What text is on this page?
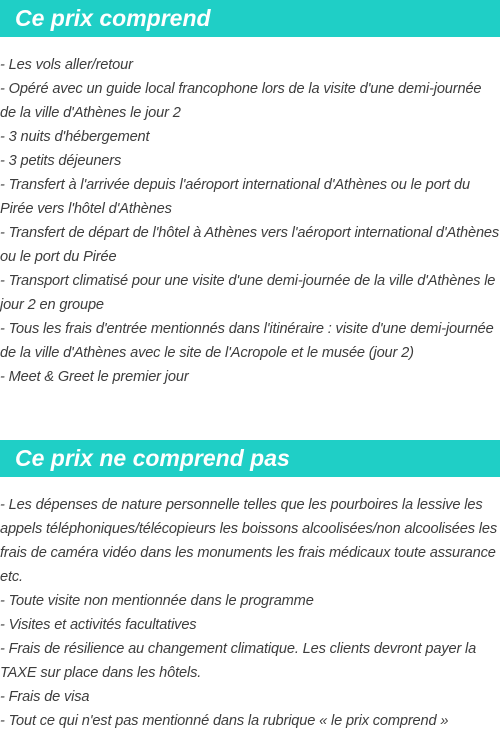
Ce prix comprend
- Les vols aller/retour
- Opéré avec un guide local francophone lors de la visite d'une demi-journée de la ville d'Athènes le jour 2
- 3 nuits d'hébergement
- 3 petits déjeuners
- Transfert à l'arrivée depuis l'aéroport international d'Athènes ou le port du Pirée vers l'hôtel d'Athènes
- Transfert de départ de l'hôtel à Athènes vers l'aéroport international d'Athènes ou le port du Pirée
- Transport climatisé pour une visite d'une demi-journée de la ville d'Athènes le jour 2 en groupe
- Tous les frais d'entrée mentionnés dans l'itinéraire : visite d'une demi-journée de la ville d'Athènes avec le site de l'Acropole et le musée (jour 2)
- Meet & Greet le premier jour
Ce prix ne comprend pas
- Les dépenses de nature personnelle telles que les pourboires la lessive les appels téléphoniques/télécopieurs les boissons alcoolisées/non alcoolisées les frais de caméra vidéo dans les monuments les frais médicaux toute assurance etc.
- Toute visite non mentionnée dans le programme
- Visites et activités facultatives
- Frais de résilience au changement climatique. Les clients devront payer la TAXE sur place dans les hôtels.
- Frais de visa
- Tout ce qui n'est pas mentionné dans la rubrique « le prix comprend »
